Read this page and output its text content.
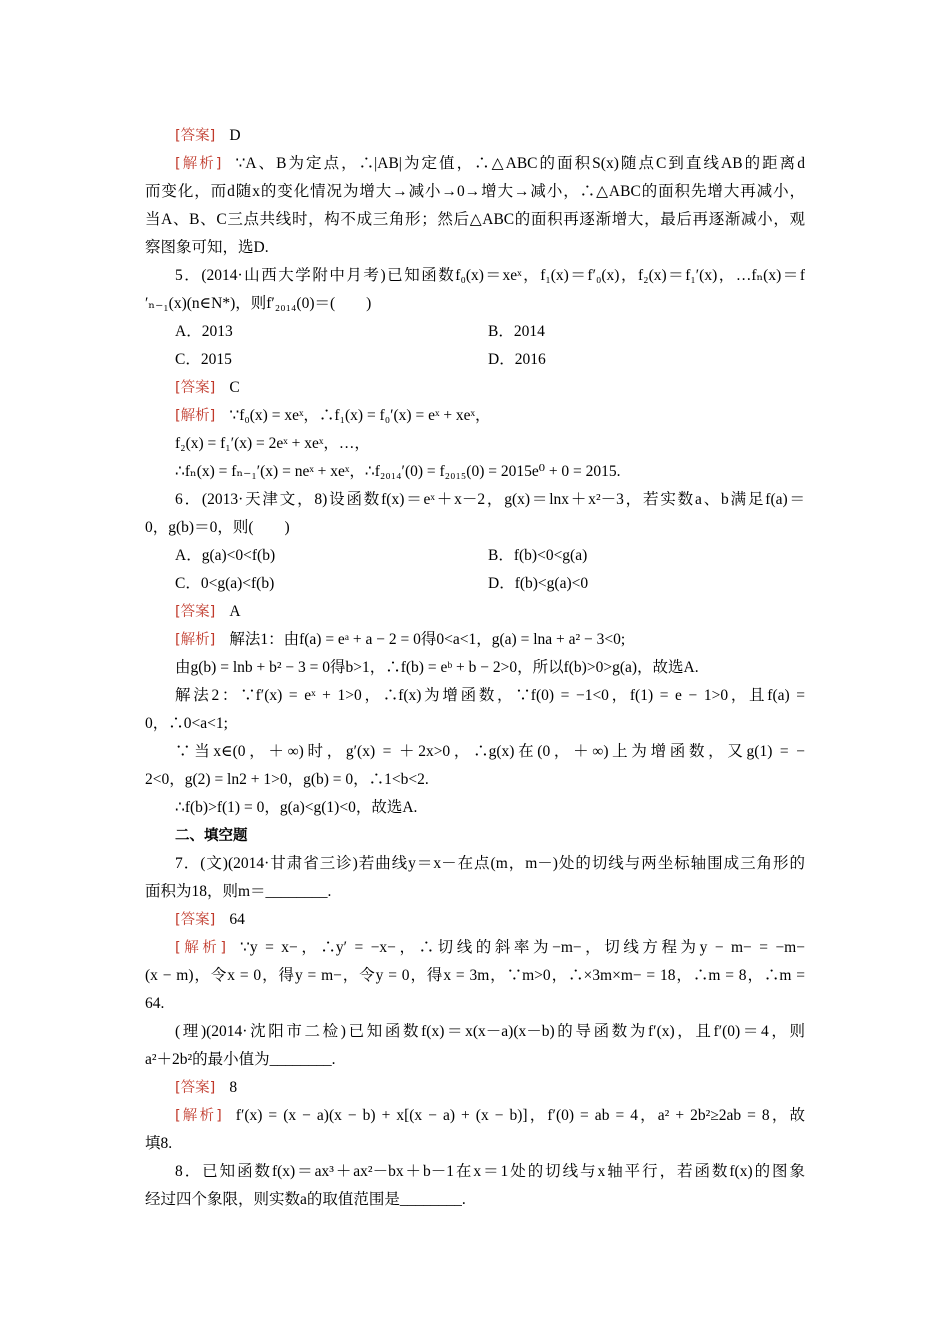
[答案] D
[解析] ∵A、B为定点，∴|AB|为定值，∴△ABC的面积S(x)随点C到直线AB的距离d
而变化，而d随x的变化情况为增大→减小→0→增大→减小，∴△ABC的面积先增大再减小，
当A、B、C三点共线时，构不成三角形；然后△ABC的面积再逐渐增大，最后再逐渐减小，观
察图象可知，选D.
5．(2014·山西大学附中月考)已知函数f₀(x)＝xeˣ，f₁(x)＝f′₀(x)，f₂(x)＝f₁′(x)，…fₙ(x)＝f
′ₙ₋₁(x)(n∈N*)，则f′₂₀₁₄(0)＝(　　)
A．2013	B．2014
C．2015	D．2016
[答案] C
[解析] ∵f₀(x) = xeˣ，∴f₁(x) = f₀′(x) = eˣ + xeˣ，
f₂(x) = f₁′(x) = 2eˣ + xeˣ，…，
∴fₙ(x) = fₙ₋₁′(x) = neˣ + xeˣ，∴f₂₀₁₄′(0) = f₂₀₁₅(0) = 2015e⁰ + 0 = 2015.
6．(2013·天津文，8)设函数f(x)＝eˣ＋x－2，g(x)＝lnx＋x²－3，若实数a、b满足f(a)＝
0，g(b)＝0，则(　　)
A．g(a)<0<f(b)	B．f(b)<0<g(a)
C．0<g(a)<f(b)	D．f(b)<g(a)<0
[答案] A
[解析] 解法1：由f(a) = eᵃ + a − 2 = 0得0<a<1，g(a) = lna + a² − 3<0;
由g(b) = lnb + b² − 3 = 0得b>1，∴f(b) = eᵇ + b − 2>0，所以f(b)>0>g(a)，故选A.
解法2：∵f′(x) = eˣ + 1>0，∴f(x)为增函数，∵f(0) = −1<0，f(1) = e − 1>0，且f(a) =
0，∴0<a<1;
∵当x∈(0，＋∞)时，g′(x) = ＋2x>0，∴g(x)在(0，＋∞)上为增函数，又g(1) = −
2<0，g(2) = ln2 + 1>0，g(b) = 0，∴1<b<2.
∴f(b)>f(1) = 0，g(a)<g(1)<0，故选A.
二、填空题
7．(文)(2014·甘肃省三诊)若曲线y＝x－在点(m，m－)处的切线与两坐标轴围成三角形的
面积为18，则m＝________.
[答案] 64
[解析] ∵y = x−，∴y′ = −x−，∴切线的斜率为−m−，切线方程为y − m− = −m−
(x − m)，令x = 0，得y = m−，令y = 0，得x = 3m，∵m>0，∴×3m×m− = 18，∴m = 8，∴m =
64.
(理)(2014·沈阳市二检)已知函数f(x)＝x(x－a)(x－b)的导函数为f′(x)，且f′(0)＝4，则
a²＋2b²的最小值为________.
[答案] 8
[解析] f′(x) = (x − a)(x − b) + x[(x − a) + (x − b)]，f′(0) = ab = 4，a² + 2b²≥2ab = 8，故
填8.
8．已知函数f(x)＝ax³＋ax²－bx＋b－1在x＝1处的切线与x轴平行，若函数f(x)的图象
经过四个象限，则实数a的取值范围是________.
